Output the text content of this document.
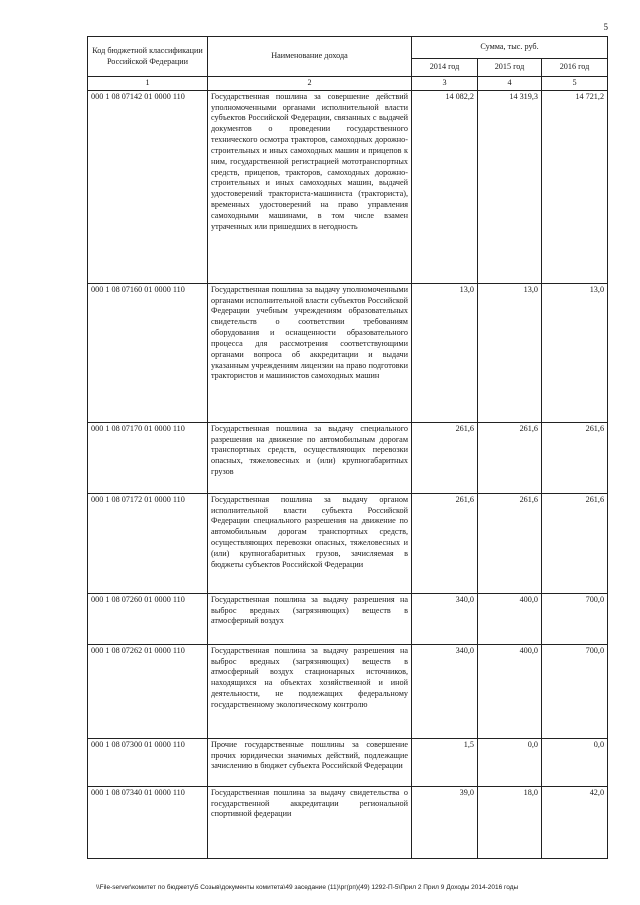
5
Код бюджетной классификации Российской Федерации	Наименование дохода	Сумма, тыс. руб.		
		2014 год	2015 год	2016 год
1	2	3	4	5
000 1 08 07142 01 0000 110	Государственная пошлина за совершение действий уполномоченными органами исполнительной власти субъектов Российской Федерации, связанных с выдачей документов о проведении государственного технического осмотра тракторов, самоходных дорожно-строительных и иных самоходных машин и прицепов к ним, государственной регистрацией мототранспортных средств, прицепов, тракторов, самоходных дорожно-строительных и иных самоходных машин, выдачей удостоверений тракториста-машиниста (тракториста), временных удостоверений на право управления самоходными машинами, в том числе взамен утраченных или пришедших в негодность	14 082,2	14 319,3	14 721,2
000 1 08 07160 01 0000 110	Государственная пошлина за выдачу уполномоченными органами исполнительной власти субъектов Российской Федерации учебным учреждениям образовательных свидетельств о соответствии требованиям оборудования и оснащенности образовательного процесса для рассмотрения соответствующими органами вопроса об аккредитации и выдачи указанным учреждениям лицензии на право подготовки трактористов и машинистов самоходных машин	13,0	13,0	13,0
000 1 08 07170 01 0000 110	Государственная пошлина за выдачу специального разрешения на движение по автомобильным дорогам транспортных средств, осуществляющих перевозки опасных, тяжеловесных и (или) крупногабаритных грузов	261,6	261,6	261,6
000 1 08 07172 01 0000 110	Государственная пошлина за выдачу органом исполнительной власти субъекта Российской Федерации специального разрешения на движение по автомобильным дорогам транспортных средств, осуществляющих перевозки опасных, тяжеловесных и (или) крупногабаритных грузов, зачисляемая в бюджеты субъектов Российской Федерации	261,6	261,6	261,6
000 1 08 07260 01 0000 110	Государственная пошлина за выдачу разрешения на выброс вредных (загрязняющих) веществ в атмосферный воздух	340,0	400,0	700,0
000 1 08 07262 01 0000 110	Государственная пошлина за выдачу разрешения на выброс вредных (загрязняющих) веществ в атмосферный воздух стационарных источников, находящихся на объектах хозяйственной и иной деятельности, не подлежащих федеральному государственному экологическому контролю	340,0	400,0	700,0
000 1 08 07300 01 0000 110	Прочие государственные пошлины за совершение прочих юридически значимых действий, подлежащие зачислению в бюджет субъекта Российской Федерации	1,5	0,0	0,0
000 1 08 07340 01 0000 110	Государственная пошлина за выдачу свидетельства о государственной аккредитации региональной спортивной федерации	39,0	18,0	42,0
\\File-server\комитет по бюджету\5 Созыв\документы комитета\49 заседание (11)\рг(рп)(49) 1292-П-5\Прил 2 Прил 9 Доходы 2014-2016 годы
